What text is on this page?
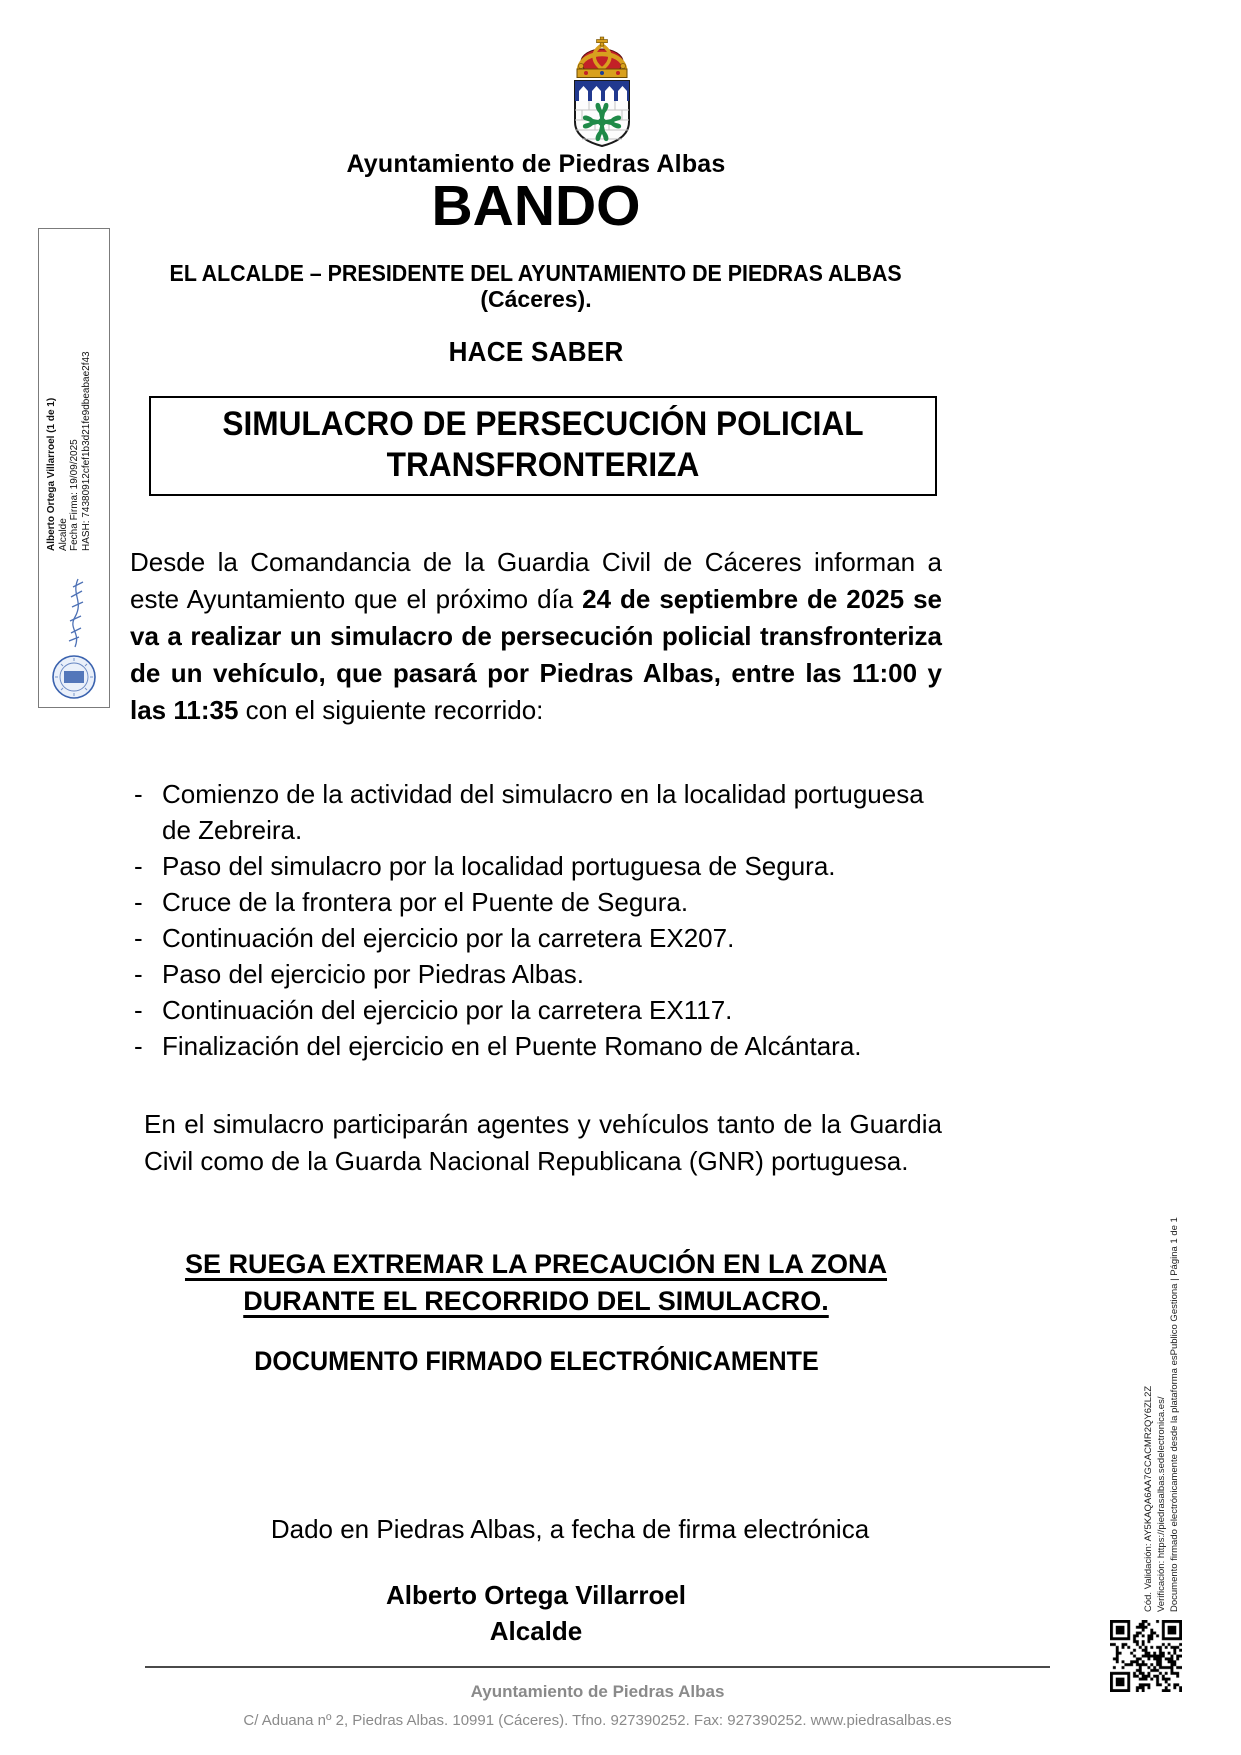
Ayuntamiento de Piedras Albas
BANDO
EL ALCALDE – PRESIDENTE DEL AYUNTAMIENTO DE PIEDRAS ALBAS
(Cáceres).
HACE SABER
SIMULACRO DE PERSECUCIÓN POLICIAL
TRANSFRONTERIZA

Desde la Comandancia de la Guardia Civil de Cáceres informan a este Ayuntamiento que el próximo día 24 de septiembre de 2025 se va a realizar un simulacro de persecución policial transfronteriza de un vehículo, que pasará por Piedras Albas, entre las 11:00 y las 11:35 con el siguiente recorrido:

- Comienzo de la actividad del simulacro en la localidad portuguesa de Zebreira.
- Paso del simulacro por la localidad portuguesa de Segura.
- Cruce de la frontera por el Puente de Segura.
- Continuación del ejercicio por la carretera EX207.
- Paso del ejercicio por Piedras Albas.
- Continuación del ejercicio por la carretera EX117.
- Finalización del ejercicio en el Puente Romano de Alcántara.

En el simulacro participarán agentes y vehículos tanto de la Guardia Civil como de la Guarda Nacional Republicana (GNR) portuguesa.

SE RUEGA EXTREMAR LA PRECAUCIÓN EN LA ZONA
DURANTE EL RECORRIDO DEL SIMULACRO.
DOCUMENTO FIRMADO ELECTRÓNICAMENTE
Dado en Piedras Albas, a fecha de firma electrónica
Alberto Ortega Villarroel
Alcalde
Ayuntamiento de Piedras Albas
C/ Aduana nº 2, Piedras Albas. 10991 (Cáceres). Tfno. 927390252. Fax: 927390252. www.piedrasalbas.es
Alberto Ortega Villarroel (1 de 1) Alcalde Fecha Firma: 19/09/2025 HASH: 74380912cfef1b3d21fe9dbeabae2f43
Cód. Validación: AY5KAQA6AA7GCACMR2QY6ZL2Z Verificación: https://piedrasalbas.sedelectronica.es/ Documento firmado electrónicamente desde la plataforma esPublico Gestiona | Página 1 de 1
